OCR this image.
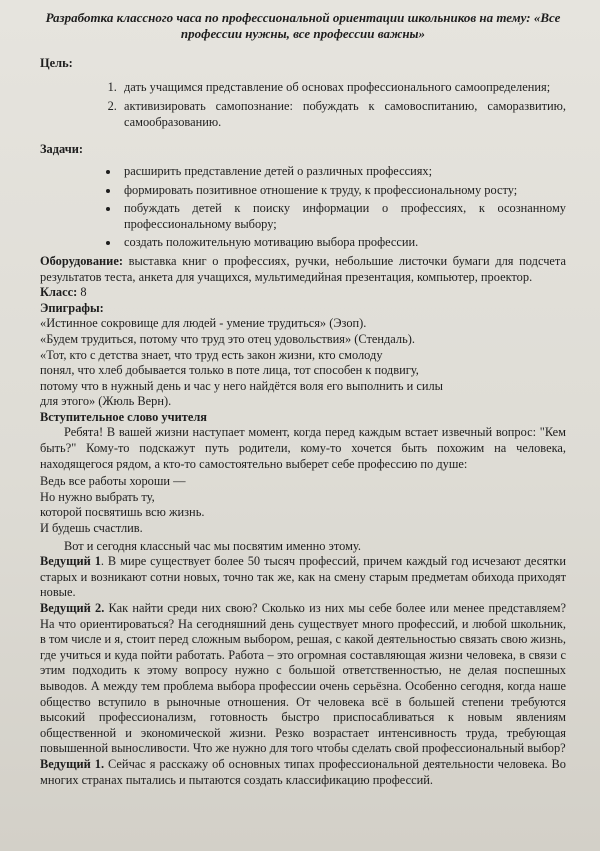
Разработка классного часа по профессиональной ориентации школьников на тему: «Все профессии нужны, все профессии важны»

Цель:

1. дать учащимся представление об основах профессионального самоопределения;
2. активизировать самопознание: побуждать к самовоспитанию, саморазвитию, самообразованию.

Задачи:

• расширить представление детей о различных профессиях;
• формировать позитивное отношение к труду, к профессиональному росту;
• побуждать детей к поиску информации о профессиях, к осознанному профессиональному выбору;
• создать положительную мотивацию выбора профессии.

Оборудование: выставка книг о профессиях, ручки, небольшие листочки бумаги для подсчета результатов теста, анкета для учащихся, мультимедийная презентация, компьютер, проектор.

Класс: 8

Эпиграфы:

«Истинное сокровище для людей - умение трудиться» (Эзоп).
«Будем трудиться, потому что труд это отец удовольствия» (Стендаль).
«Тот, кто с детства знает, что труд есть закон жизни, кто смолоду
понял, что хлеб добывается только в поте лица, тот способен к подвигу,
потому что в нужный день и час у него найдётся воля его выполнить и силы
для этого» (Жюль Верн).

Вступительное слово учителя

Ребята! В вашей жизни наступает момент, когда перед каждым встает извечный вопрос: "Кем быть?" Кому-то подскажут путь родители, кому-то хочется быть похожим на человека, находящегося рядом, а кто-то самостоятельно выберет себе профессию по душе:

Ведь все работы хороши —
Но нужно выбрать ту,
которой посвятишь всю жизнь.
И будешь счастлив.

Вот и сегодня классный час мы посвятим именно этому.

Ведущий 1. В мире существует более 50 тысяч профессий, причем каждый год исчезают десятки старых и возникают сотни новых, точно так же, как на смену старым предметам обихода приходят новые.

Ведущий 2. Как найти среди них свою? Сколько из них мы себе более или менее представляем? На что ориентироваться? На сегодняшний день существует много профессий, и любой школьник, в том числе и я, стоит перед сложным выбором, решая, с какой деятельностью связать свою жизнь, где учиться и куда пойти работать. Работа – это огромная составляющая жизни человека, в связи с этим подходить к этому вопросу нужно с большой ответственностью, не делая поспешных выводов. А между тем проблема выбора профессии очень серьёзна. Особенно сегодня, когда наше общество вступило в рыночные отношения. От человека всё в большей степени требуются высокий профессионализм, готовность быстро приспосабливаться к новым явлениям общественной и экономической жизни. Резко возрастает интенсивность труда, требующая повышенной выносливости. Что же нужно для того чтобы сделать свой профессиональный выбор?

Ведущий 1. Сейчас я расскажу об основных типах профессиональной деятельности человека. Во многих странах пытались и пытаются создать классификацию профессий.
